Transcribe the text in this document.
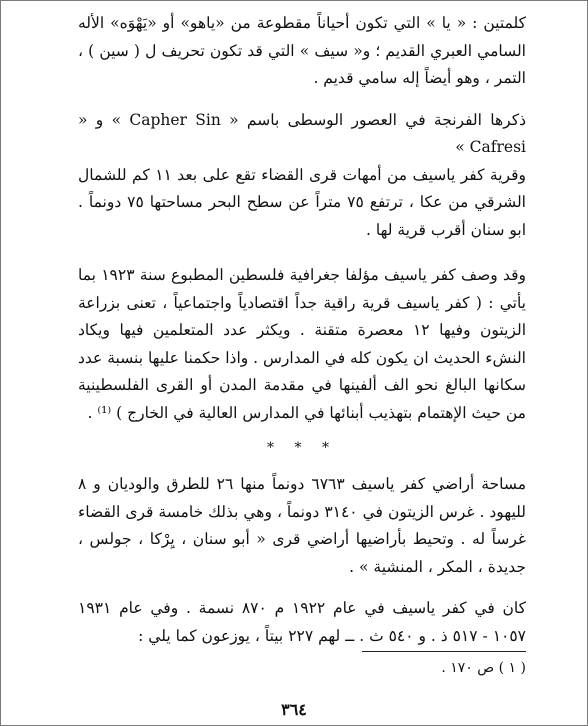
كلمتين : « يا » التي تكون أحياناً مقطوعة من «ياهو» أو «يَهْوَه» الأله السامي العبري القديم ؛ و« سيف » التي قد تكون تحريف ل ( سين ) ، التمر ، وهو أيضاً إله سامي قديم .

ذكرها الفرنجة في العصور الوسطى باسم « Capher Sin » و « Cafresi »

وقرية كفر ياسيف من أمهات قرى القضاء تقع على بعد ١١ كم للشمال الشرقي من عكا ، ترتفع ٧٥ متراً عن سطح البحر مساحتها ٧٥ دونماً . ابو سنان أقرب قرية لها .

وقد وصف كفر ياسيف مؤلفا جغرافية فلسطين المطبوع سنة ١٩٢٣ بما يأتي : ( كفر ياسيف قرية راقية جداً اقتصادياً واجتماعياً ، تعنى بزراعة الزيتون وفيها ١٢ معصرة متقنة . ويكثر عدد المتعلمين فيها ويكاد النشء الحديث ان يكون كله في المدارس . واذا حكمنا عليها بنسبة عدد سكانها البالغ نحو الف ألفينها في مقدمة المدن أو القرى الفلسطينية من حيث الإهتمام بتهذيب أبنائها في المدارس العالية في الخارج ) ⁽¹⁾ .

* * *

مساحة أراضي كفر ياسيف ٦٧٦٣ دونماً منها ٢٦ للطرق والوديان و ٨ لليهود . غرس الزيتون في ٣١٤٠ دونماً ، وهي بذلك خامسة قرى القضاء غرساً له . وتحيط بأراضيها أراضي قرى « أبو سنان ، يِرْكا ، جولس ، جديدة ، المكر ، المنشية » .

كان في كفر ياسيف في عام ١٩٢٢ م ٨٧٠ نسمة . وفي عام ١٩٣١ ١٠٥٧ - ٥١٧ ذ . و ٥٤٠ ث . ــ لهم ٢٢٧ بيتاً ، يوزعون كما يلي :

( ١ ) ص ١٧٠ .
٣٦٤
